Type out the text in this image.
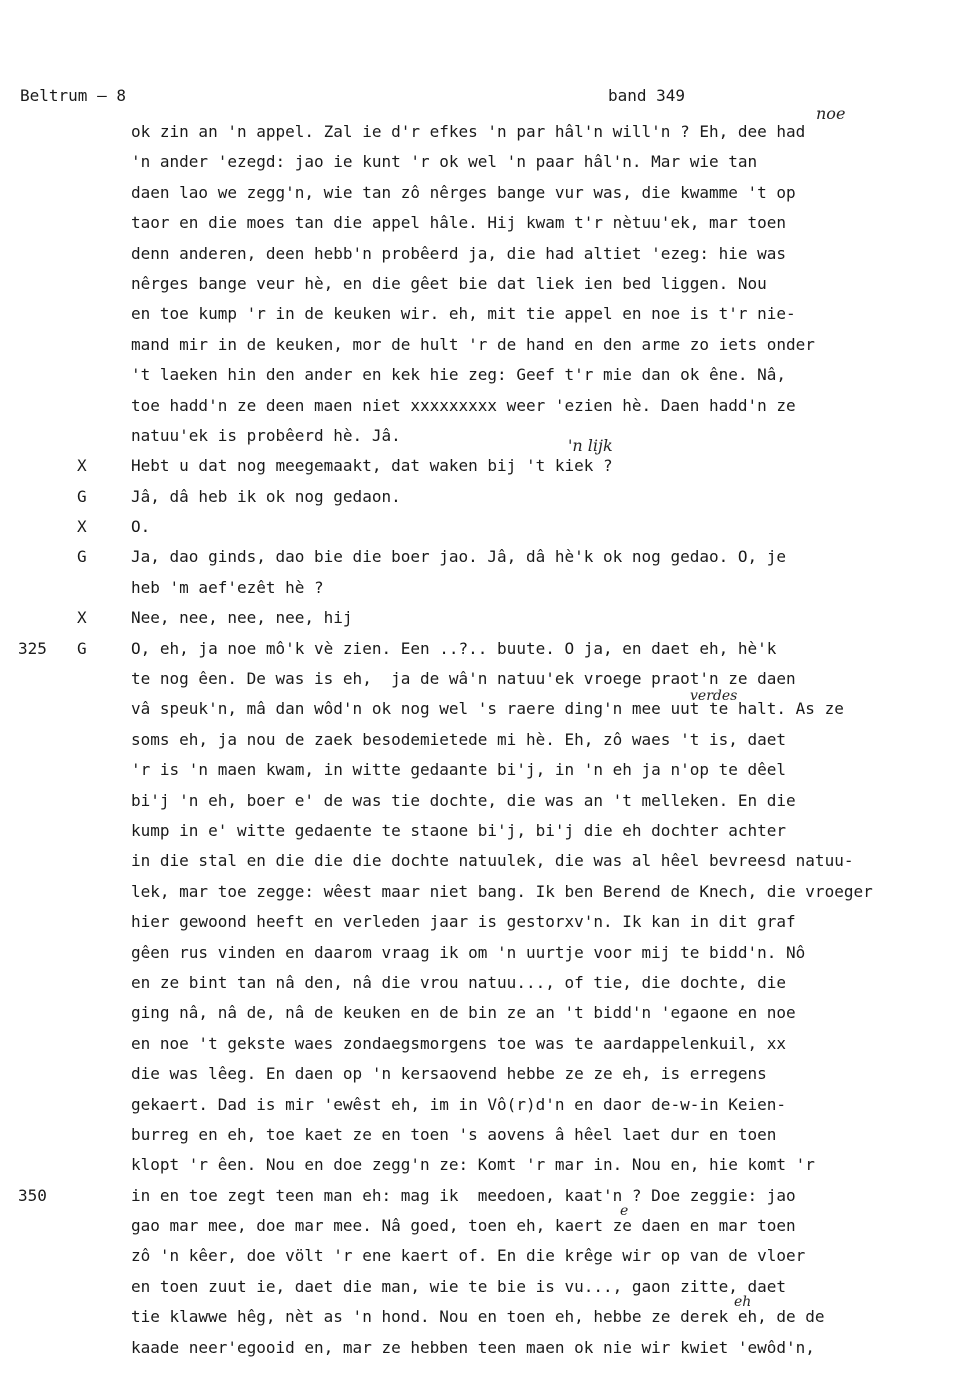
Beltrum – 8	band 349
ok zin an 'n appel. Zal ie d'r efkes 'n par hâl'n will'n ? Eh, dee had
'n ander 'ezegd: jao ie kunt 'r ok wel 'n paar hâl'n. Mar wie tan
daen lao we zegg'n, wie tan zô nêrges bange vur was, die kwamme 't op
taor en die moes tan die appel hâle. Hij kwam t'r nètuu'ek, mar toen
denn anderen, deen hebb'n probêerd ja, die had altiet 'ezeg: hie was
nêrges bange veur hè, en die gêet bie dat liek ien bed liggen. Nou
en toe kump 'r in de keuken wir. eh, mit tie appel en noe is t'r nie-
mand mir in de keuken, mor de hult 'r de hand en den arme zo iets onder
't laeken hin den ander en kek hie zeg: Geef t'r mie dan ok êne. Nâ,
toe hadd'n ze deen maen niet xxxxxxxxx weer 'ezien hè. Daen hadd'n ze
natuu'ek is probêerd hè. Jâ.
X	Hebt u dat nog meegemaakt, dat waken bij 't kiek ?
G	Jâ, dâ heb ik ok nog gedaon.
X	O.
G	Ja, dao ginds, dao bie die boer jao. Jâ, dâ hè'k ok nog gedao. O, je
heb 'm aef'ezêt hè ?
X	Nee, nee, nee, nee, hij
325	G	O, eh, ja noe mô'k vè zien. Een ..?.. buute. O ja, en daet eh, hè'k
te nog êen. De was is eh,  ja de wâ'n natuu'ek vroege praot'n ze daen
vâ speuk'n, mâ dan wôd'n ok nog wel 's raere ding'n mee uut te halt. As ze
soms eh, ja nou de zaek besodemietede mi hè. Eh, zô waes 't is, daet
'r is 'n maen kwam, in witte gedaante bi'j, in 'n eh ja n'op te dêel
bi'j 'n eh, boer e' de was tie dochte, die was an 't melleken. En die
kump in e' witte gedaente te staone bi'j, bi'j die eh dochter achter
in die stal en die die die dochte natuulek, die was al hêel bevreesd natuu-
lek, mar toe zegge: wêest maar niet bang. Ik ben Berend de Knech, die vroeger
hier gewoond heeft en verleden jaar is gestorxv'n. Ik kan in dit graf
gêen rus vinden en daarom vraag ik om 'n uurtje voor mij te bidd'n. Nô
en ze bint tan nâ den, nâ die vrou natuu..., of tie, die dochte, die
ging nâ, nâ de, nâ de keuken en de bin ze an 't bidd'n 'egaone en noe
en noe 't gekste waes zondaegsmorgens toe was te aardappelenkuil, xx
die was lêeg. En daen op 'n kersaovend hebbe ze ze eh, is erregens
gekaert. Dad is mir 'ewêst eh, im in Vô(r)d'n en daor de-w-in Keien-
burreg en eh, toe kaet ze en toen 's aovens â hêel laet dur en toen
klopt 'r êen. Nou en doe zegg'n ze: Komt 'r mar in. Nou en, hie komt 'r
350	in en toe zegt teen man eh: mag ik  meedoen, kaat'n ? Doe zeggie: jao
gao mar mee, doe mar mee. Nâ goed, toen eh, kaert ze daen en mar toen
zô 'n kêer, doe völt 'r ene kaert of. En die krêge wir op van de vloer
en toen zuut ie, daet die man, wie te bie is vu..., gaon zitte, daet
tie klawwe hêg, nèt as 'n hond. Nou en toen eh, hebbe ze derek eh, de de
kaade neer'egooid en, mar ze hebben teen maen ok nie wir kwiet 'ewôd'n,
noe
'n lijk
verdes
e
eh
